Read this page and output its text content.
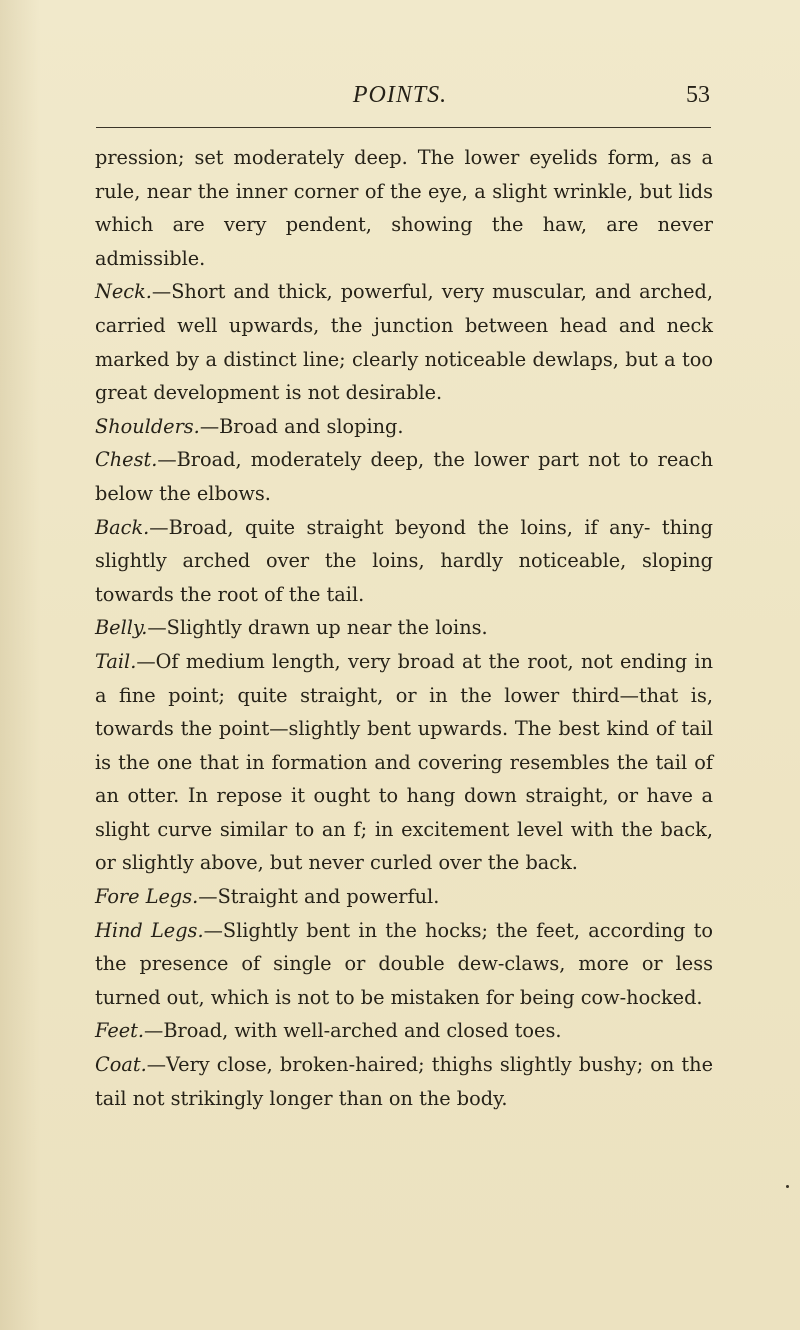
POINTS.	53

pression; set moderately deep. The lower eyelids form, as a rule, near the inner corner of the eye, a slight wrinkle, but lids which are very pendent, showing the haw, are never admissible.

Neck.—Short and thick, powerful, very muscular, and arched, carried well upwards, the junction between head and neck marked by a distinct line; clearly noticeable dewlaps, but a too great development is not desirable.

Shoulders.—Broad and sloping.

Chest.—Broad, moderately deep, the lower part not to reach below the elbows.

Back.—Broad, quite straight beyond the loins, if any- thing slightly arched over the loins, hardly noticeable, sloping towards the root of the tail.

Belly.—Slightly drawn up near the loins.

Tail.—Of medium length, very broad at the root, not ending in a fine point; quite straight, or in the lower third—that is, towards the point—slightly bent upwards. The best kind of tail is the one that in formation and covering resembles the tail of an otter. In repose it ought to hang down straight, or have a slight curve similar to an f; in excitement level with the back, or slightly above, but never curled over the back.

Fore Legs.—Straight and powerful.

Hind Legs.—Slightly bent in the hocks; the feet, according to the presence of single or double dew-claws, more or less turned out, which is not to be mistaken for being cow-hocked.

Feet.—Broad, with well-arched and closed toes.

Coat.—Very close, broken-haired; thighs slightly bushy; on the tail not strikingly longer than on the body.
